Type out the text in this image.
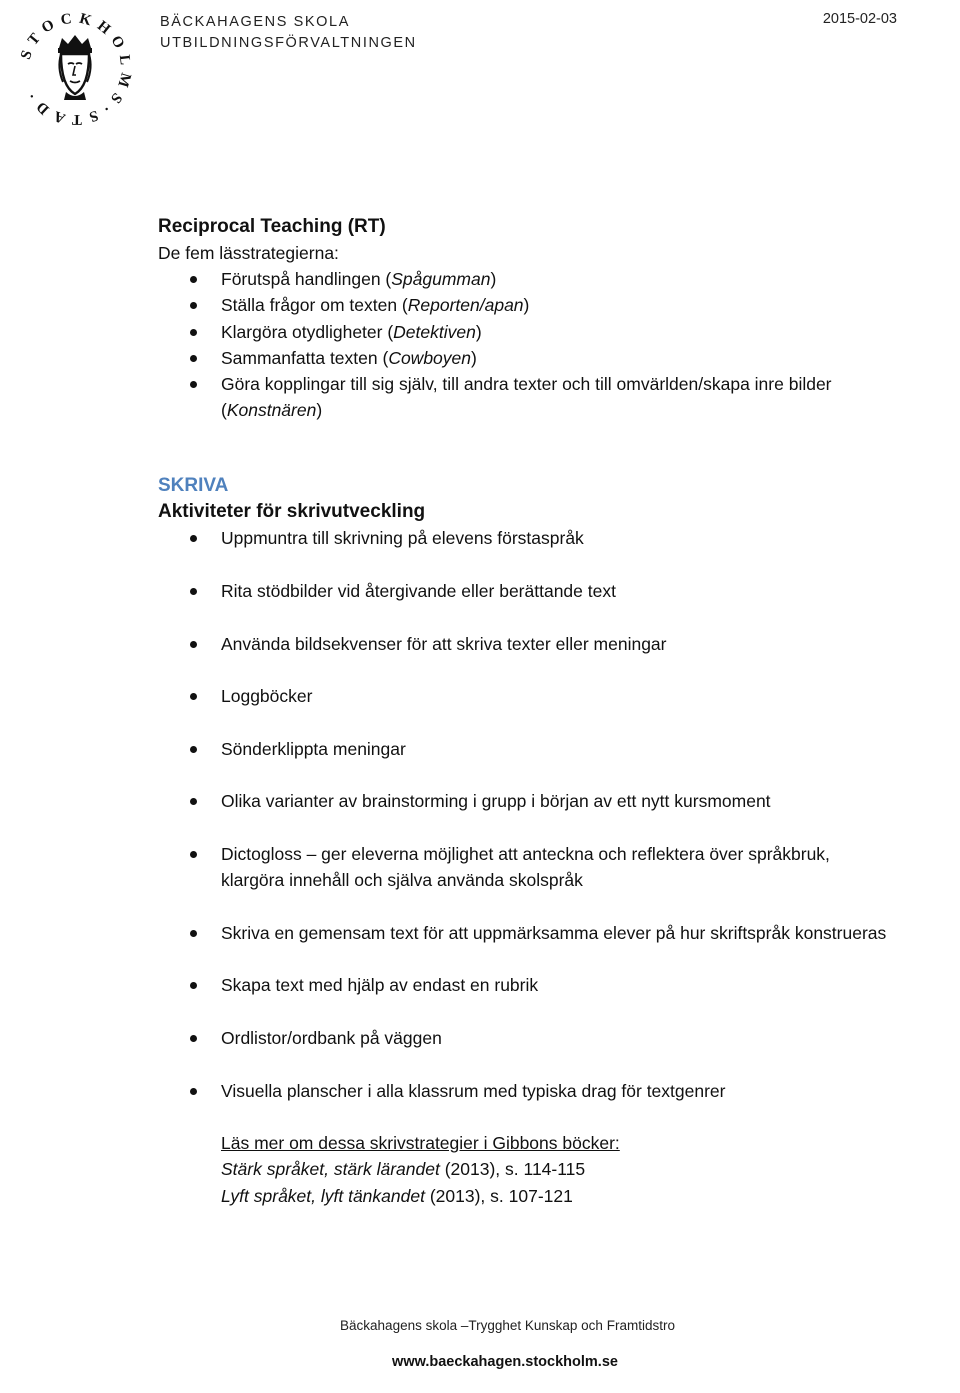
STOCKHOLMS·STAD·
BÄCKAHAGENS SKOLA
UTBILDNINGSFÖRVALTNINGEN
2015-02-03
Reciprocal Teaching (RT)
De fem lässtrategierna:
Förutspå handlingen (Spågumman)
Ställa frågor om texten (Reporten/apan)
Klargöra otydligheter (Detektiven)
Sammanfatta texten (Cowboyen)
Göra kopplingar till sig själv, till andra texter och till omvärlden/skapa inre bilder (Konstnären)
SKRIVA
Aktiviteter för skrivutveckling
Uppmuntra till skrivning på elevens förstaspråk
Rita stödbilder vid återgivande eller berättande text
Använda bildsekvenser för att skriva texter eller meningar
Loggböcker
Sönderklippta meningar
Olika varianter av brainstorming i grupp i början av ett nytt kursmoment
Dictogloss – ger eleverna möjlighet att anteckna och reflektera över språkbruk, klargöra innehåll och själva använda skolspråk
Skriva en gemensam text för att uppmärksamma elever på hur skriftspråk konstrueras
Skapa text med hjälp av endast en rubrik
Ordlistor/ordbank på väggen
Visuella planscher i alla klassrum med typiska drag för textgenrer
Läs mer om dessa skrivstrategier i Gibbons böcker:
Stärk språket, stärk lärandet (2013), s. 114-115
Lyft språket, lyft tänkandet (2013), s. 107-121
Bäckahagens skola –Trygghet Kunskap och Framtidstro
www.baeckahagen.stockholm.se
